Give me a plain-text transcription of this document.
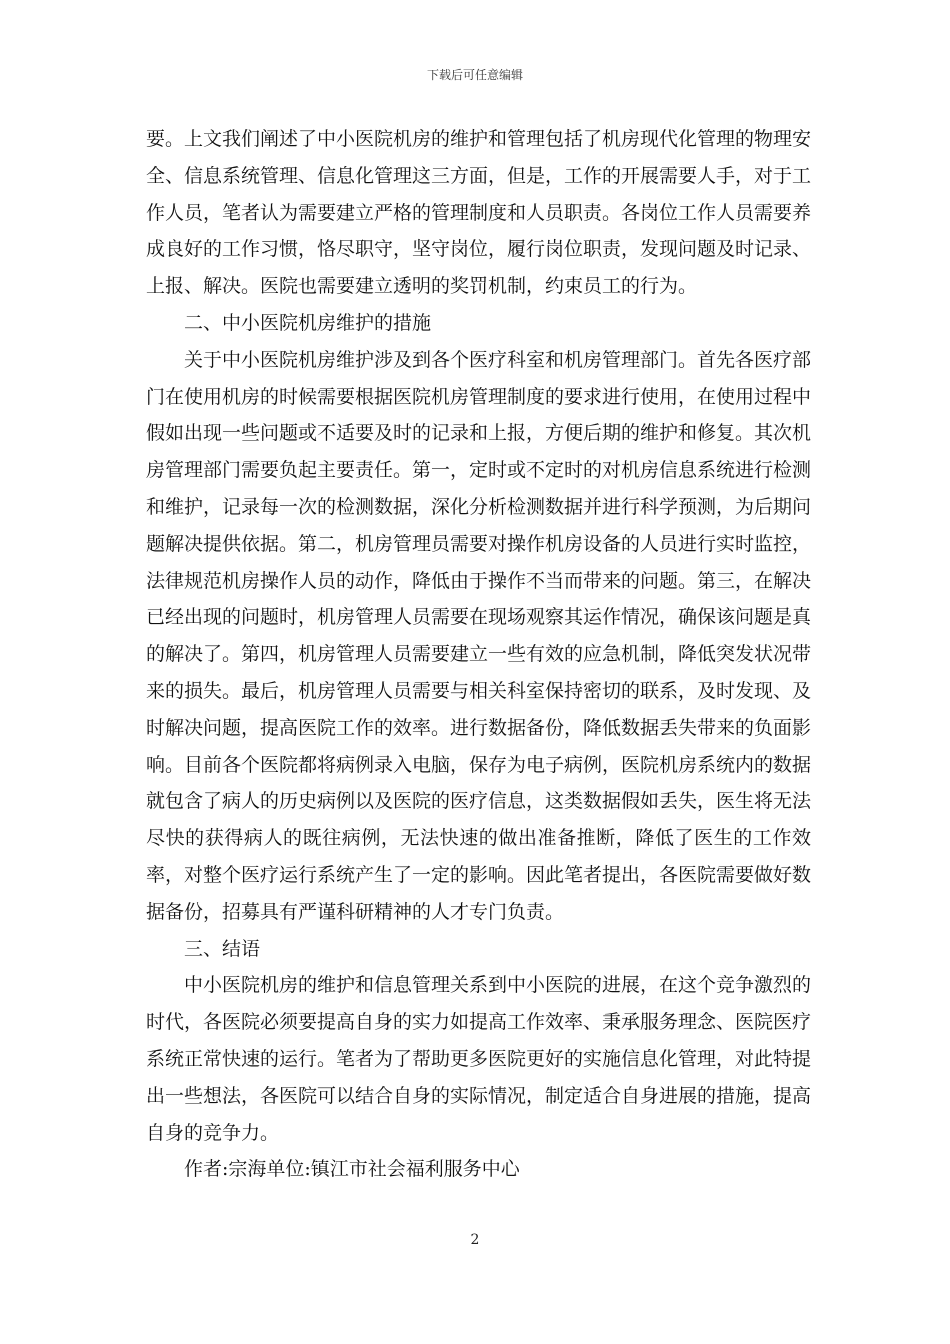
下载后可任意编辑

要。上文我们阐述了中小医院机房的维护和管理包括了机房现代化管理的物理安全、信息系统管理、信息化管理这三方面，但是，工作的开展需要人手，对于工作人员，笔者认为需要建立严格的管理制度和人员职责。各岗位工作人员需要养成良好的工作习惯，恪尽职守，坚守岗位，履行岗位职责，发现问题及时记录、上报、解决。医院也需要建立透明的奖罚机制，约束员工的行为。

二、中小医院机房维护的措施

关于中小医院机房维护涉及到各个医疗科室和机房管理部门。首先各医疗部门在使用机房的时候需要根据医院机房管理制度的要求进行使用，在使用过程中假如出现一些问题或不适要及时的记录和上报，方便后期的维护和修复。其次机房管理部门需要负起主要责任。第一，定时或不定时的对机房信息系统进行检测和维护，记录每一次的检测数据，深化分析检测数据并进行科学预测，为后期问题解决提供依据。第二，机房管理员需要对操作机房设备的人员进行实时监控，法律规范机房操作人员的动作，降低由于操作不当而带来的问题。第三，在解决已经出现的问题时，机房管理人员需要在现场观察其运作情况，确保该问题是真的解决了。第四，机房管理人员需要建立一些有效的应急机制，降低突发状况带来的损失。最后，机房管理人员需要与相关科室保持密切的联系，及时发现、及时解决问题，提高医院工作的效率。进行数据备份，降低数据丢失带来的负面影响。目前各个医院都将病例录入电脑，保存为电子病例，医院机房系统内的数据就包含了病人的历史病例以及医院的医疗信息，这类数据假如丢失，医生将无法尽快的获得病人的既往病例，无法快速的做出准备推断，降低了医生的工作效率，对整个医疗运行系统产生了一定的影响。因此笔者提出，各医院需要做好数据备份，招募具有严谨科研精神的人才专门负责。

三、结语

中小医院机房的维护和信息管理关系到中小医院的进展，在这个竞争激烈的时代，各医院必须要提高自身的实力如提高工作效率、秉承服务理念、医院医疗系统正常快速的运行。笔者为了帮助更多医院更好的实施信息化管理，对此特提出一些想法，各医院可以结合自身的实际情况，制定适合自身进展的措施，提高自身的竞争力。

作者:宗海单位:镇江市社会福利服务中心

2
